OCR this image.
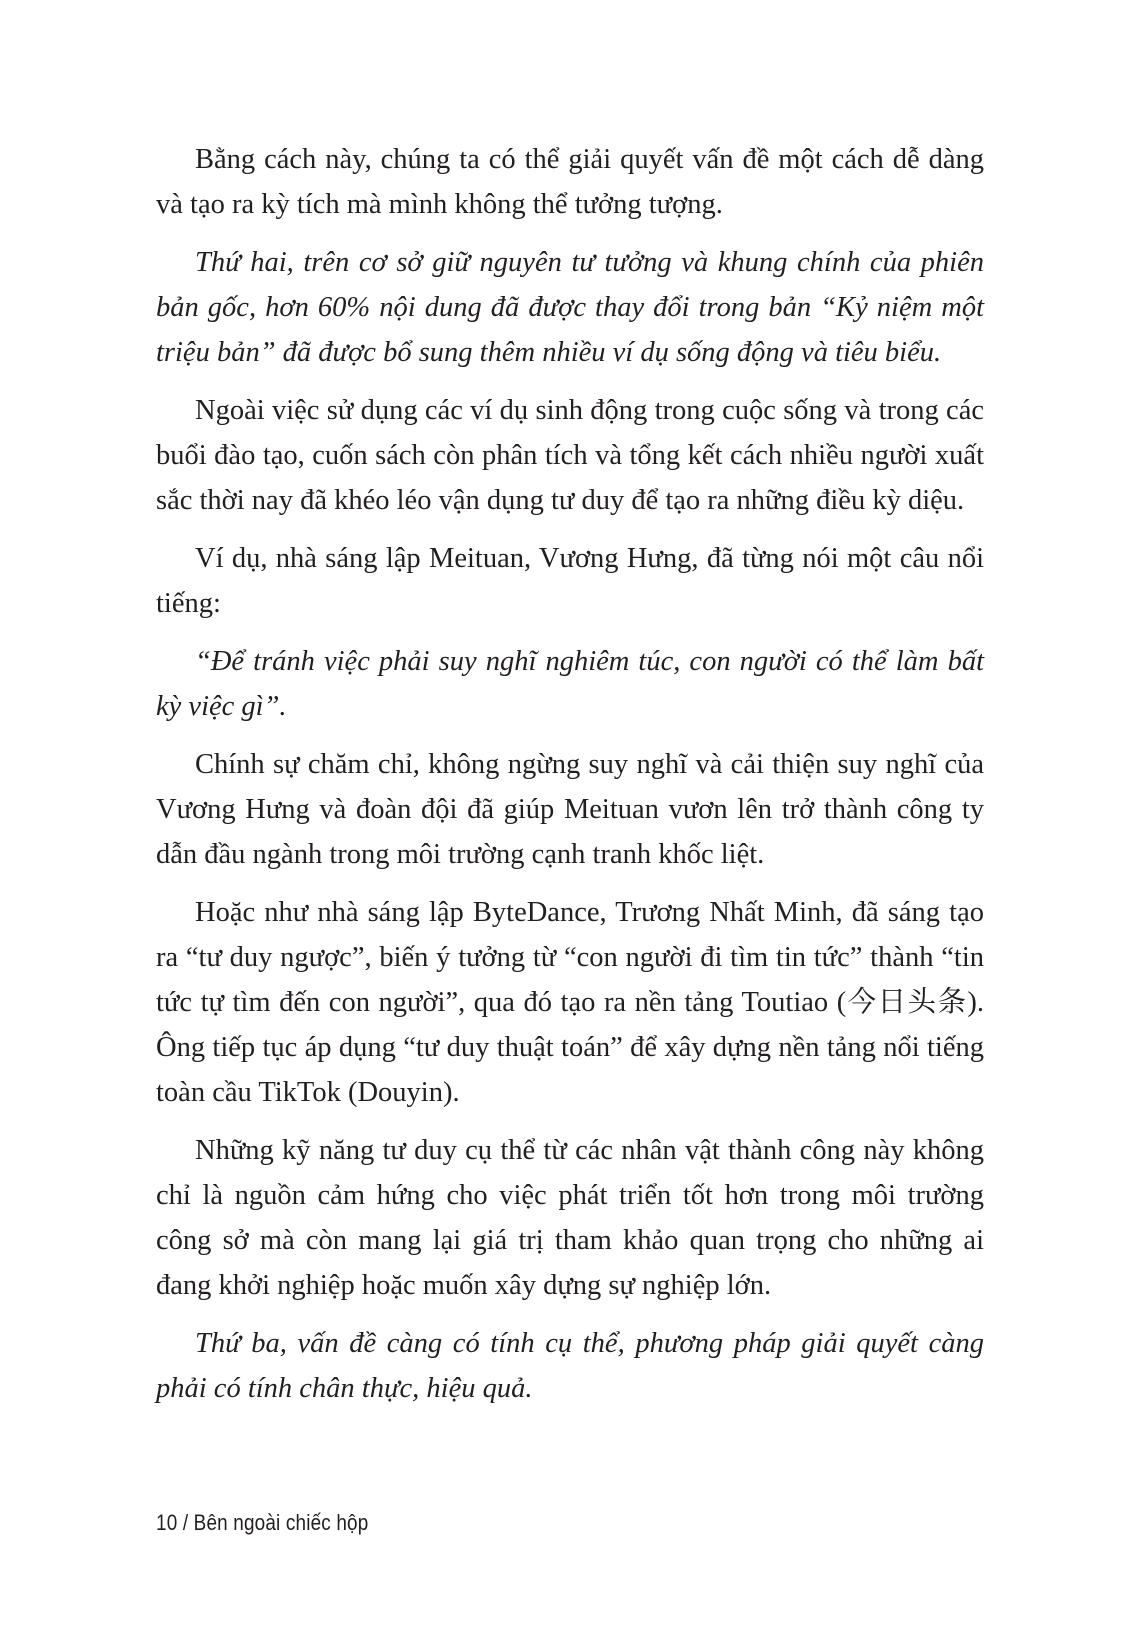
Bằng cách này, chúng ta có thể giải quyết vấn đề một cách dễ dàng và tạo ra kỳ tích mà mình không thể tưởng tượng.

Thứ hai, trên cơ sở giữ nguyên tư tưởng và khung chính của phiên bản gốc, hơn 60% nội dung đã được thay đổi trong bản “Kỷ niệm một triệu bản” đã được bổ sung thêm nhiều ví dụ sống động và tiêu biểu.

Ngoài việc sử dụng các ví dụ sinh động trong cuộc sống và trong các buổi đào tạo, cuốn sách còn phân tích và tổng kết cách nhiều người xuất sắc thời nay đã khéo léo vận dụng tư duy để tạo ra những điều kỳ diệu.

Ví dụ, nhà sáng lập Meituan, Vương Hưng, đã từng nói một câu nổi tiếng:

“Để tránh việc phải suy nghĩ nghiêm túc, con người có thể làm bất kỳ việc gì”.

Chính sự chăm chỉ, không ngừng suy nghĩ và cải thiện suy nghĩ của Vương Hưng và đoàn đội đã giúp Meituan vươn lên trở thành công ty dẫn đầu ngành trong môi trường cạnh tranh khốc liệt.

Hoặc như nhà sáng lập ByteDance, Trương Nhất Minh, đã sáng tạo ra “tư duy ngược”, biến ý tưởng từ “con người đi tìm tin tức” thành “tin tức tự tìm đến con người”, qua đó tạo ra nền tảng Toutiao (今日头条). Ông tiếp tục áp dụng “tư duy thuật toán” để xây dựng nền tảng nổi tiếng toàn cầu TikTok (Douyin).

Những kỹ năng tư duy cụ thể từ các nhân vật thành công này không chỉ là nguồn cảm hứng cho việc phát triển tốt hơn trong môi trường công sở mà còn mang lại giá trị tham khảo quan trọng cho những ai đang khởi nghiệp hoặc muốn xây dựng sự nghiệp lớn.

Thứ ba, vấn đề càng có tính cụ thể, phương pháp giải quyết càng phải có tính chân thực, hiệu quả.

10 / Bên ngoài chiếc hộp
